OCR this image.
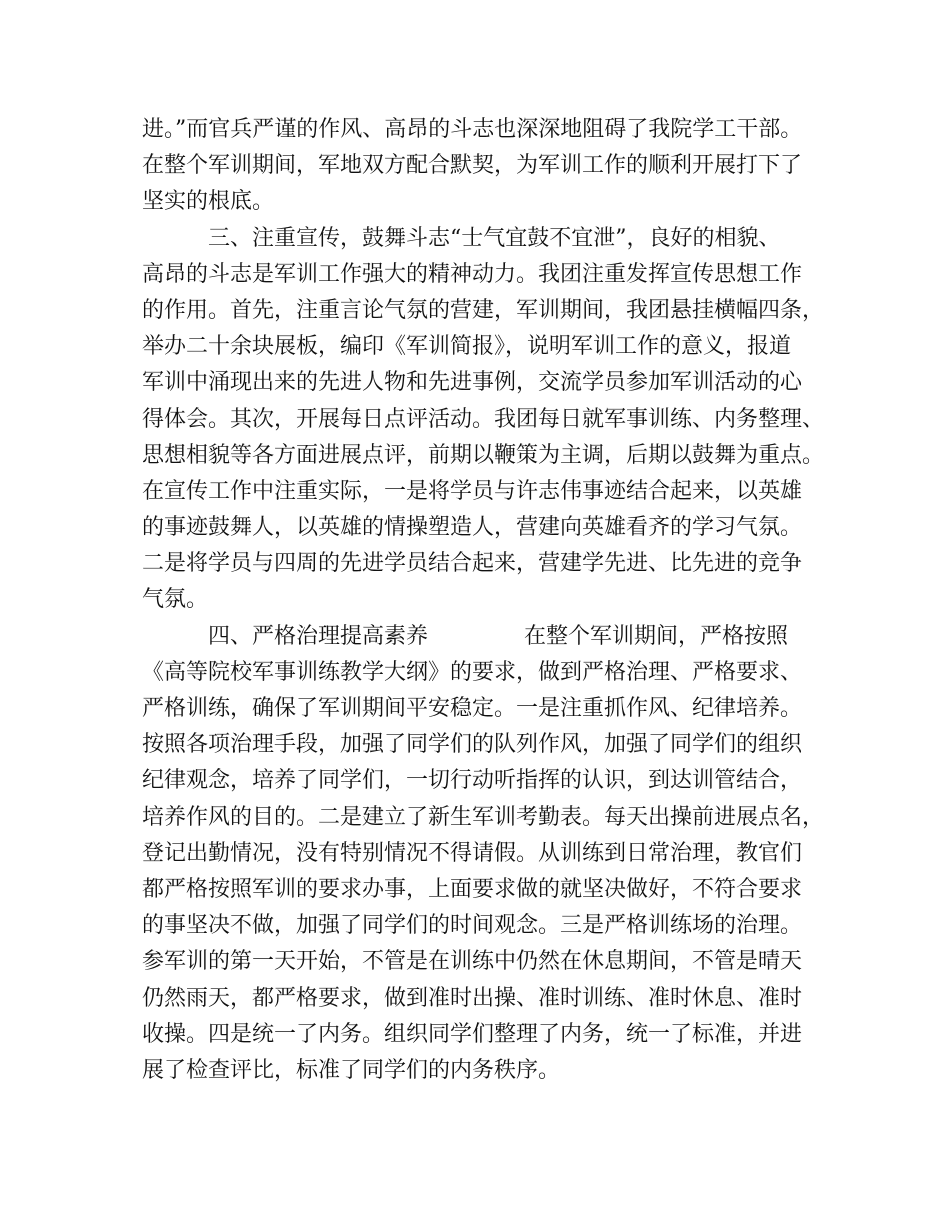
进。”而官兵严谨的作风、高昂的斗志也深深地阻碍了我院学工干部。
在整个军训期间，军地双方配合默契，为军训工作的顺利开展打下了
坚实的根底。
三、注重宣传，鼓舞斗志“士气宜鼓不宜泄”，良好的相貌、
高昂的斗志是军训工作强大的精神动力。我团注重发挥宣传思想工作
的作用。首先，注重言论气氛的营建，军训期间，我团悬挂横幅四条，
举办二十余块展板，编印《军训简报》，说明军训工作的意义，报道
军训中涌现出来的先进人物和先进事例，交流学员参加军训活动的心
得体会。其次，开展每日点评活动。我团每日就军事训练、内务整理、
思想相貌等各方面进展点评，前期以鞭策为主调，后期以鼓舞为重点。
在宣传工作中注重实际，一是将学员与许志伟事迹结合起来，以英雄
的事迹鼓舞人，以英雄的情操塑造人，营建向英雄看齐的学习气氛。
二是将学员与四周的先进学员结合起来，营建学先进、比先进的竞争
气氛。
四、严格治理提高素养	在整个军训期间，严格按照
《高等院校军事训练教学大纲》的要求，做到严格治理、严格要求、
严格训练，确保了军训期间平安稳定。一是注重抓作风、纪律培养。
按照各项治理手段，加强了同学们的队列作风，加强了同学们的组织
纪律观念，培养了同学们，一切行动听指挥的认识，到达训管结合，
培养作风的目的。二是建立了新生军训考勤表。每天出操前进展点名，
登记出勤情况，没有特别情况不得请假。从训练到日常治理，教官们
都严格按照军训的要求办事，上面要求做的就坚决做好，不符合要求
的事坚决不做，加强了同学们的时间观念。三是严格训练场的治理。
参军训的第一天开始，不管是在训练中仍然在休息期间，不管是晴天
仍然雨天，都严格要求，做到准时出操、准时训练、准时休息、准时
收操。四是统一了内务。组织同学们整理了内务，统一了标准，并进
展了检查评比，标准了同学们的内务秩序。
